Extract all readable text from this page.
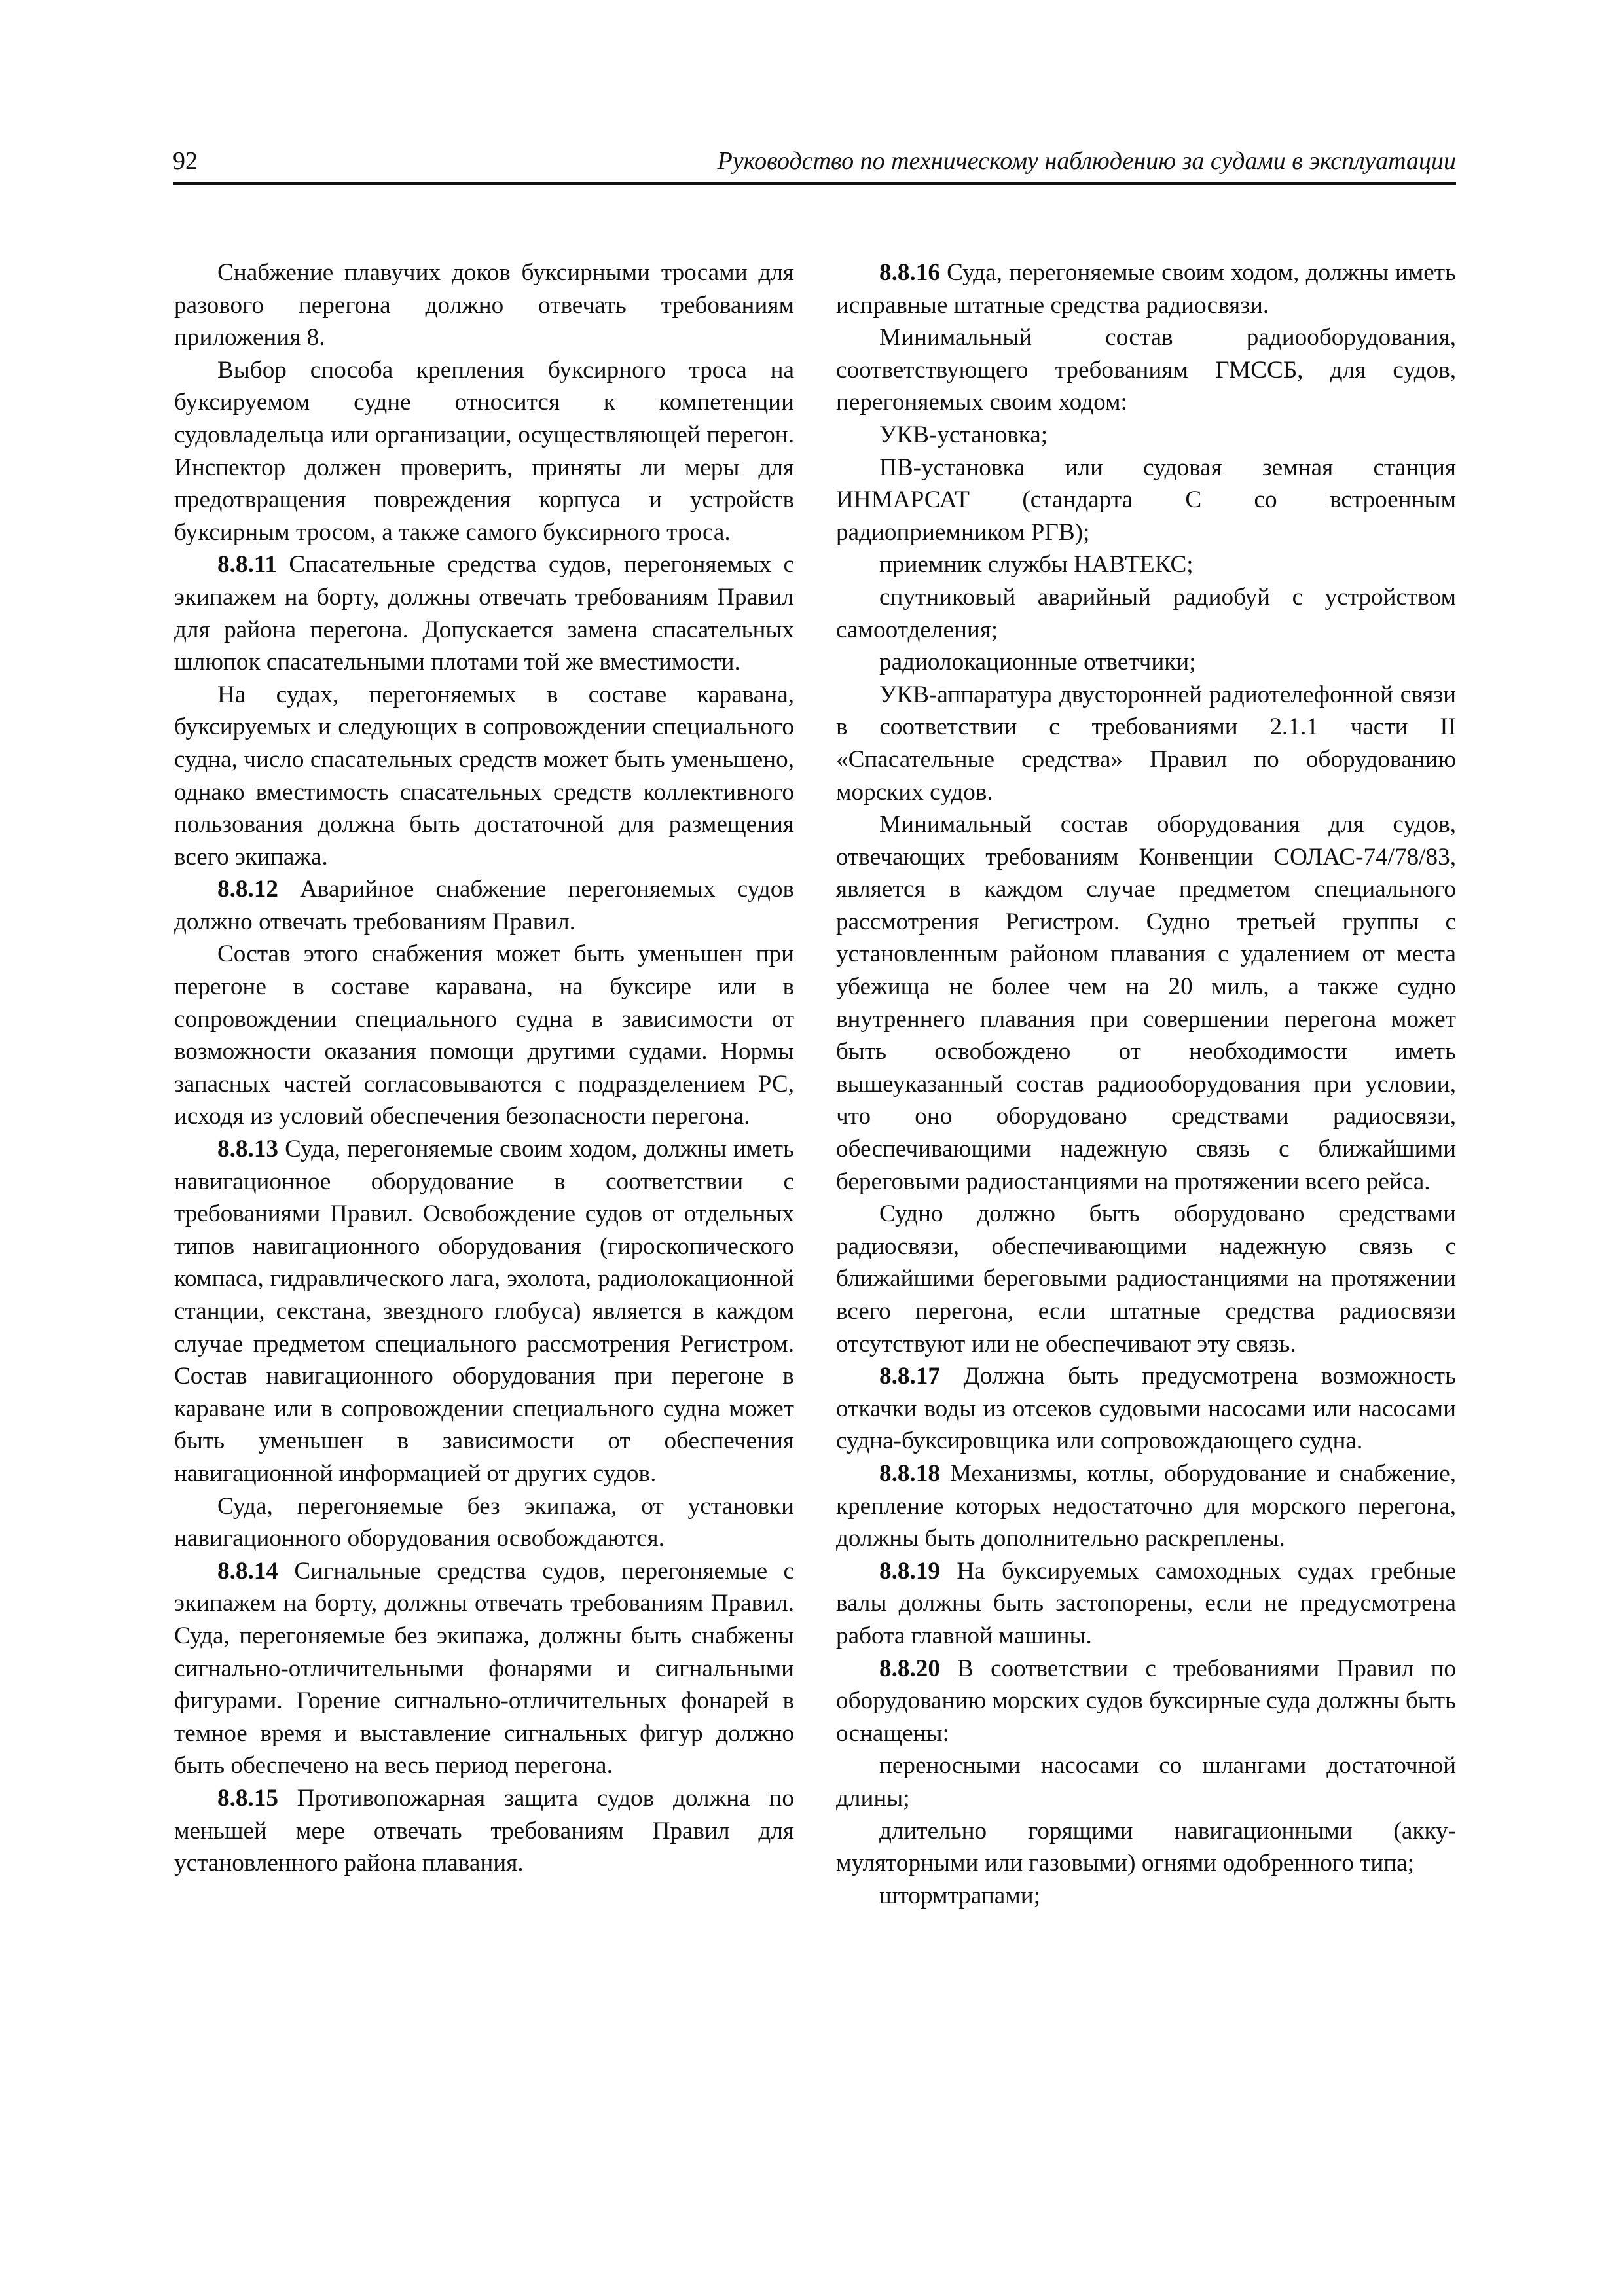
92	Руководство по техническому наблюдению за судами в эксплуатации

Снабжение плавучих доков буксирными тросами для разового перегона должно отвечать требованиям приложения 8.

Выбор способа крепления буксирного троса на буксируемом судне относится к компетенции судовладельца или организации, осуществляющей перегон. Инспектор должен проверить, приняты ли меры для предотвращения повреждения корпуса и устройств буксирным тросом, а также самого буксирного троса.

8.8.11 Спасательные средства судов, перегоняемых с экипажем на борту, должны отвечать требованиям Правил для района перегона. Допускается замена спасательных шлюпок спасательными плотами той же вместимости.

На судах, перегоняемых в составе каравана, буксируемых и следующих в сопровождении специального судна, число спасательных средств может быть уменьшено, однако вместимость спасательных средств коллективного пользования должна быть достаточной для размещения всего экипажа.

8.8.12 Аварийное снабжение перегоняемых судов должно отвечать требованиям Правил.

Состав этого снабжения может быть уменьшен при перегоне в составе каравана, на буксире или в сопровождении специального судна в зависимости от возможности оказания помощи другими судами. Нормы запасных частей согласовываются с подразделением РС, исходя из условий обеспечения безопасности перегона.

8.8.13 Суда, перегоняемые своим ходом, должны иметь навигационное оборудование в соответствии с требованиями Правил. Освобождение судов от отдельных типов навигационного оборудования (гироскопического компаса, гидравлического лага, эхолота, радиолокационной станции, секстана, звездного глобуса) является в каждом случае предметом специального рассмотрения Регистром. Состав навигационного оборудования при перегоне в караване или в сопровождении специального судна может быть уменьшен в зависимости от обеспечения навигационной информацией от других судов.

Суда, перегоняемые без экипажа, от установки навигационного оборудования освобождаются.

8.8.14 Сигнальные средства судов, перегоняемые с экипажем на борту, должны отвечать требованиям Правил. Суда, перегоняемые без экипажа, должны быть снабжены сигнально-отличительными фонарями и сигнальными фигурами. Горение сигнально-отличительных фонарей в темное время и выставление сигнальных фигур должно быть обеспечено на весь период перегона.

8.8.15 Противопожарная защита судов должна по меньшей мере отвечать требованиям Правил для установленного района плавания.

8.8.16 Суда, перегоняемые своим ходом, должны иметь исправные штатные средства радиосвязи.

Минимальный состав радиооборудования, соответствующего требованиям ГМССБ, для судов, перегоняемых своим ходом:

УКВ-установка;

ПВ-установка или судовая земная станция ИНМАРСАТ (стандарта С со встроенным радиоприемником РГВ);

приемник службы НАВТЕКС;

спутниковый аварийный радиобуй с устройством самоотделения;

радиолокационные ответчики;

УКВ-аппаратура двусторонней радиотелефонной связи в соответствии с требованиями 2.1.1 части II «Спасательные средства» Правил по оборудованию морских судов.

Минимальный состав оборудования для судов, отвечающих требованиям Конвенции СОЛАС-74/78/83, является в каждом случае предметом специального рассмотрения Регистром. Судно третьей группы с установленным районом плавания с удалением от места убежища не более чем на 20 миль, а также судно внутреннего плавания при совершении перегона может быть освобождено от необходимости иметь вышеуказанный состав радиооборудования при условии, что оно оборудовано средствами радиосвязи, обеспечивающими надежную связь с ближайшими береговыми радиостанциями на протяжении всего рейса.

Судно должно быть оборудовано средствами радиосвязи, обеспечивающими надежную связь с ближайшими береговыми радиостанциями на протяжении всего перегона, если штатные средства радиосвязи отсутствуют или не обеспечивают эту связь.

8.8.17 Должна быть предусмотрена возможность откачки воды из отсеков судовыми насосами или насосами судна-буксировщика или сопровождающего судна.

8.8.18 Механизмы, котлы, оборудование и снабжение, крепление которых недостаточно для морского перегона, должны быть дополнительно раскреплены.

8.8.19 На буксируемых самоходных судах гребные валы должны быть застопорены, если не предусмотрена работа главной машины.

8.8.20 В соответствии с требованиями Правил по оборудованию морских судов буксирные суда должны быть оснащены:

переносными насосами со шлангами достаточной длины;

длительно горящими навигационными (аккумуляторными или газовыми) огнями одобренного типа;

штормтрапами;
